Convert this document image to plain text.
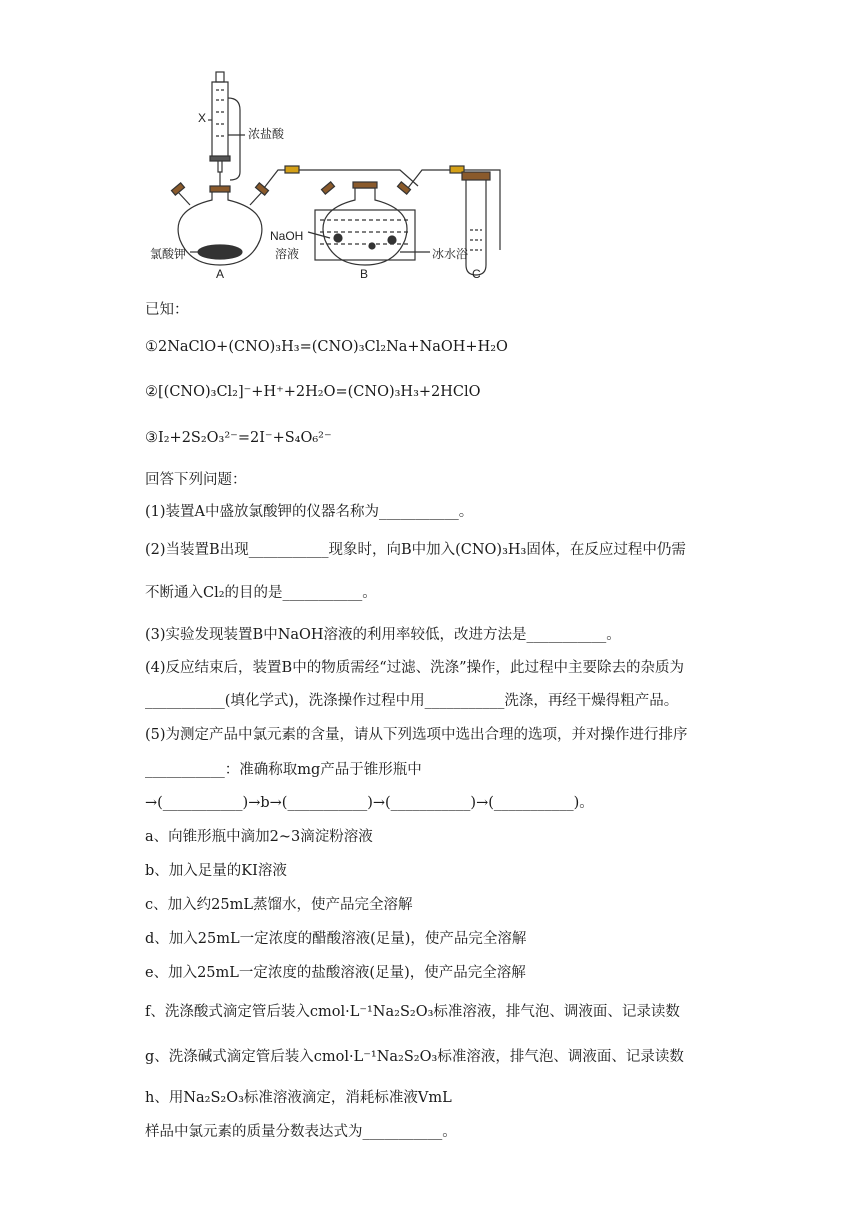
X
浓盐酸
氯酸钾
NaOH
溶液	冰水浴
A	B	C
已知：
①2NaClO+(CNO)₃H₃=(CNO)₃Cl₂Na+NaOH+H₂O
②[(CNO)₃Cl₂]⁻+H⁺+2H₂O=(CNO)₃H₃+2HClO
③I₂+2S₂O₃²⁻=2I⁻+S₄O₆²⁻
回答下列问题：
(1)装置A中盛放氯酸钾的仪器名称为___________。
(2)当装置B出现___________现象时，向B中加入(CNO)₃H₃固体，在反应过程中仍需
不断通入Cl₂的目的是___________。
(3)实验发现装置B中NaOH溶液的利用率较低，改进方法是___________。
(4)反应结束后，装置B中的物质需经“过滤、洗涤”操作，此过程中主要除去的杂质为
___________(填化学式)，洗涤操作过程中用___________洗涤，再经干燥得粗产品。
(5)为测定产品中氯元素的含量，请从下列选项中选出合理的选项，并对操作进行排序
___________：准确称取mg产品于锥形瓶中
→(___________)→b→(___________)→(___________)→(___________)。
a、向锥形瓶中滴加2~3滴淀粉溶液
b、加入足量的KI溶液
c、加入约25mL蒸馏水，使产品完全溶解
d、加入25mL一定浓度的醋酸溶液(足量)，使产品完全溶解
e、加入25mL一定浓度的盐酸溶液(足量)，使产品完全溶解
f、洗涤酸式滴定管后装入cmol·L⁻¹Na₂S₂O₃标准溶液，排气泡、调液面、记录读数
g、洗涤碱式滴定管后装入cmol·L⁻¹Na₂S₂O₃标准溶液，排气泡、调液面、记录读数
h、用Na₂S₂O₃标准溶液滴定，消耗标准液VmL
样品中氯元素的质量分数表达式为___________。
